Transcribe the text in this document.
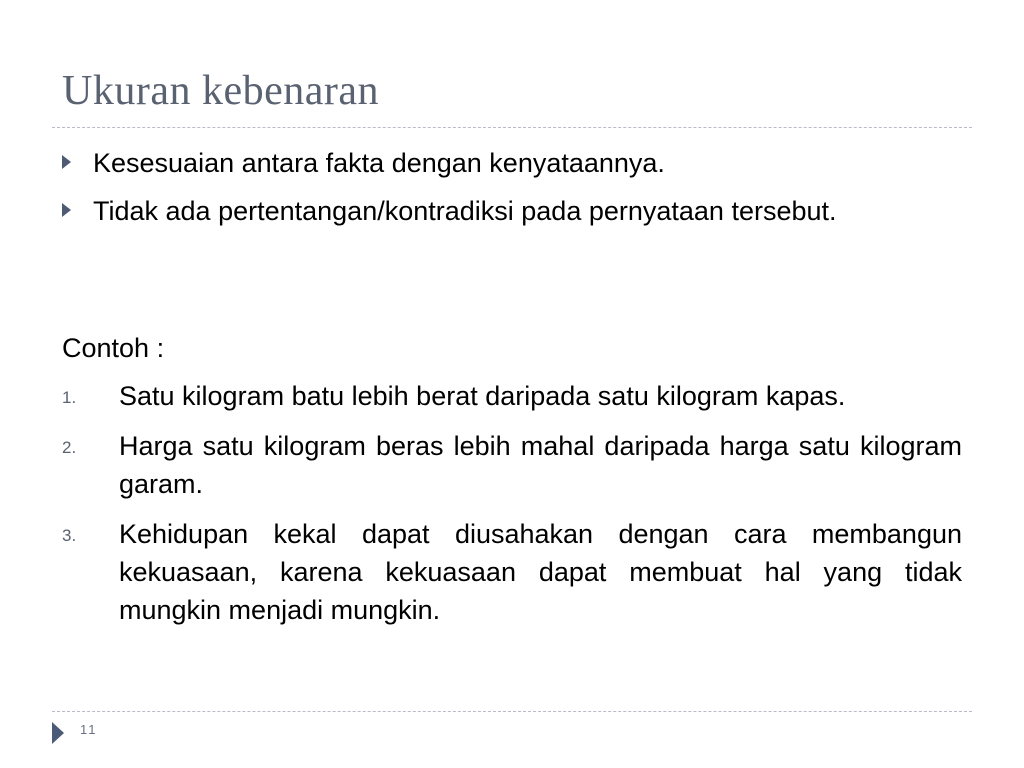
Ukuran kebenaran
Kesesuaian antara fakta dengan kenyataannya.
Tidak ada pertentangan/kontradiksi pada pernyataan tersebut.
Contoh :
1. Satu kilogram batu lebih berat daripada satu kilogram kapas.
2. Harga satu kilogram beras lebih mahal daripada harga satu kilogram garam.
3. Kehidupan kekal dapat diusahakan dengan cara membangun kekuasaan, karena kekuasaan dapat membuat hal yang tidak mungkin menjadi mungkin.
11
